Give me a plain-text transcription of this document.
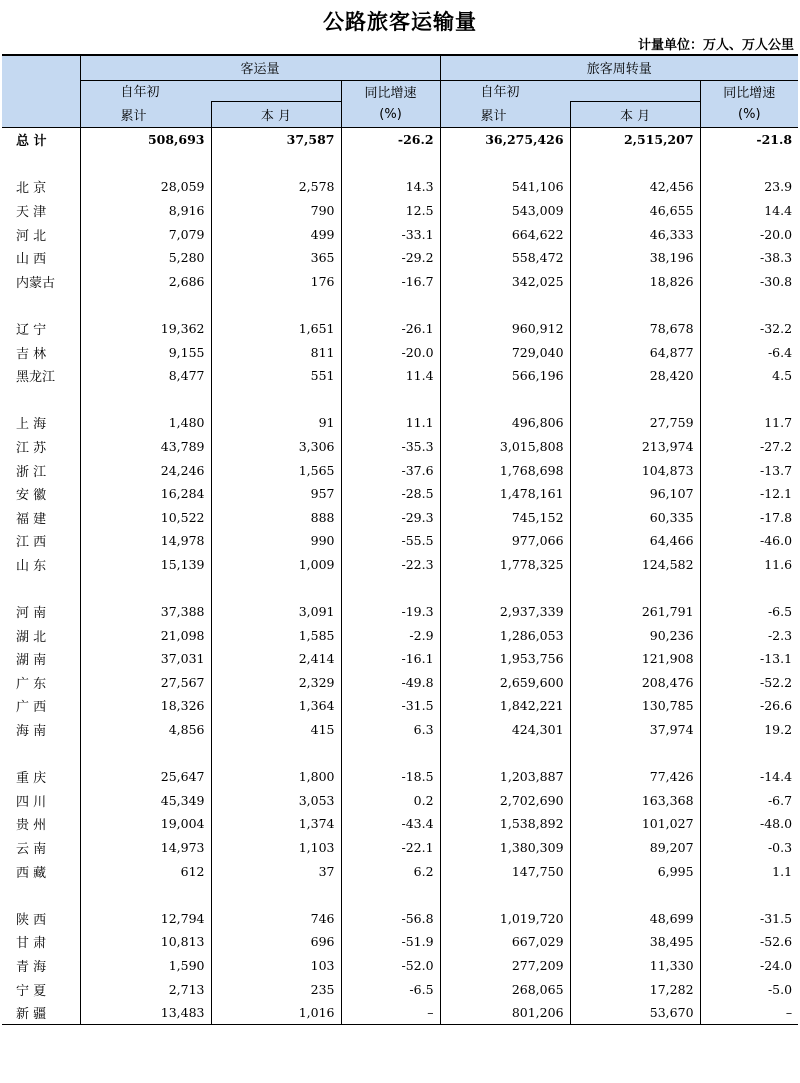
公路旅客运输量
计量单位：万人、万人公里
	客运量			旅客周转量		
	自年初		同比增速	自年初		同比增速

	累计	本 月	(%)	累计	本 月	(%)
总 计	508,693	37,587	-26.2	36,275,426	2,515,207	-21.8

北 京	28,059	2,578	14.3	541,106	42,456	23.9
天 津	8,916	790	12.5	543,009	46,655	14.4
河 北	7,079	499	-33.1	664,622	46,333	-20.0
山 西	5,280	365	-29.2	558,472	38,196	-38.3
内蒙古	2,686	176	-16.7	342,025	18,826	-30.8

辽 宁	19,362	1,651	-26.1	960,912	78,678	-32.2
吉 林	9,155	811	-20.0	729,040	64,877	-6.4
黑龙江	8,477	551	11.4	566,196	28,420	4.5

上 海	1,480	91	11.1	496,806	27,759	11.7
江 苏	43,789	3,306	-35.3	3,015,808	213,974	-27.2
浙 江	24,246	1,565	-37.6	1,768,698	104,873	-13.7
安 徽	16,284	957	-28.5	1,478,161	96,107	-12.1
福 建	10,522	888	-29.3	745,152	60,335	-17.8
江 西	14,978	990	-55.5	977,066	64,466	-46.0
山 东	15,139	1,009	-22.3	1,778,325	124,582	11.6

河 南	37,388	3,091	-19.3	2,937,339	261,791	-6.5
湖 北	21,098	1,585	-2.9	1,286,053	90,236	-2.3
湖 南	37,031	2,414	-16.1	1,953,756	121,908	-13.1
广 东	27,567	2,329	-49.8	2,659,600	208,476	-52.2
广 西	18,326	1,364	-31.5	1,842,221	130,785	-26.6
海 南	4,856	415	6.3	424,301	37,974	19.2

重 庆	25,647	1,800	-18.5	1,203,887	77,426	-14.4
四 川	45,349	3,053	0.2	2,702,690	163,368	-6.7
贵 州	19,004	1,374	-43.4	1,538,892	101,027	-48.0
云 南	14,973	1,103	-22.1	1,380,309	89,207	-0.3
西 藏	612	37	6.2	147,750	6,995	1.1

陕 西	12,794	746	-56.8	1,019,720	48,699	-31.5
甘 肃	10,813	696	-51.9	667,029	38,495	-52.6
青 海	1,590	103	-52.0	277,209	11,330	-24.0
宁 夏	2,713	235	-6.5	268,065	17,282	-5.0
新 疆	13,483	1,016	–	801,206	53,670	–
